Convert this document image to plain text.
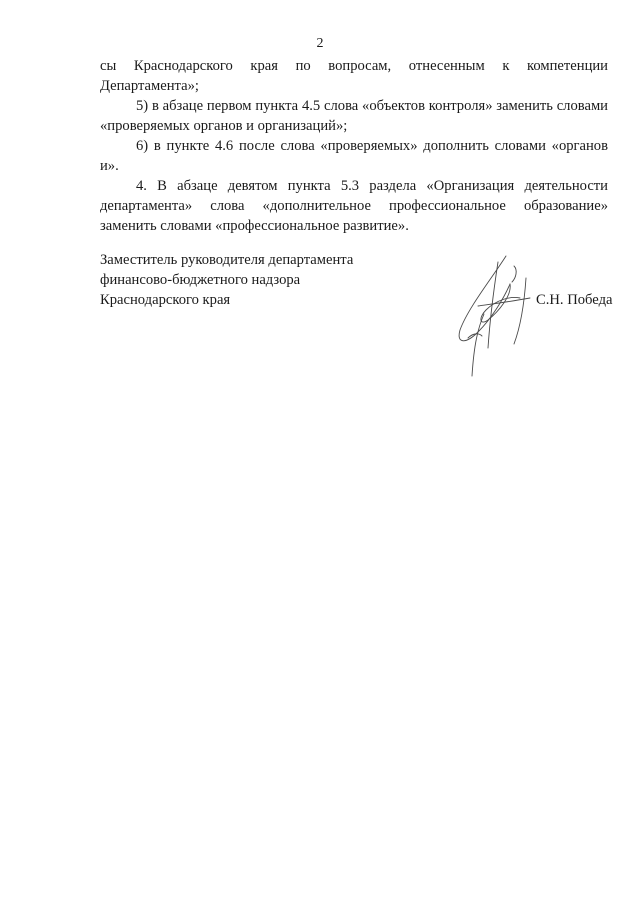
2

сы Краснодарского края по вопросам, отнесенным к компетенции Департамента»;

5) в абзаце первом пункта 4.5 слова «объектов контроля» заменить словами «проверяемых органов и организаций»;

6) в пункте 4.6 после слова «проверяемых» дополнить словами «органов и».

4. В абзаце девятом пункта 5.3 раздела «Организация деятельности департамента» слова «дополнительное профессиональное образование» заменить словами «профессиональное развитие».

Заместитель руководителя департамента
финансово-бюджетного надзора
Краснодарского края	С.Н. Победа
